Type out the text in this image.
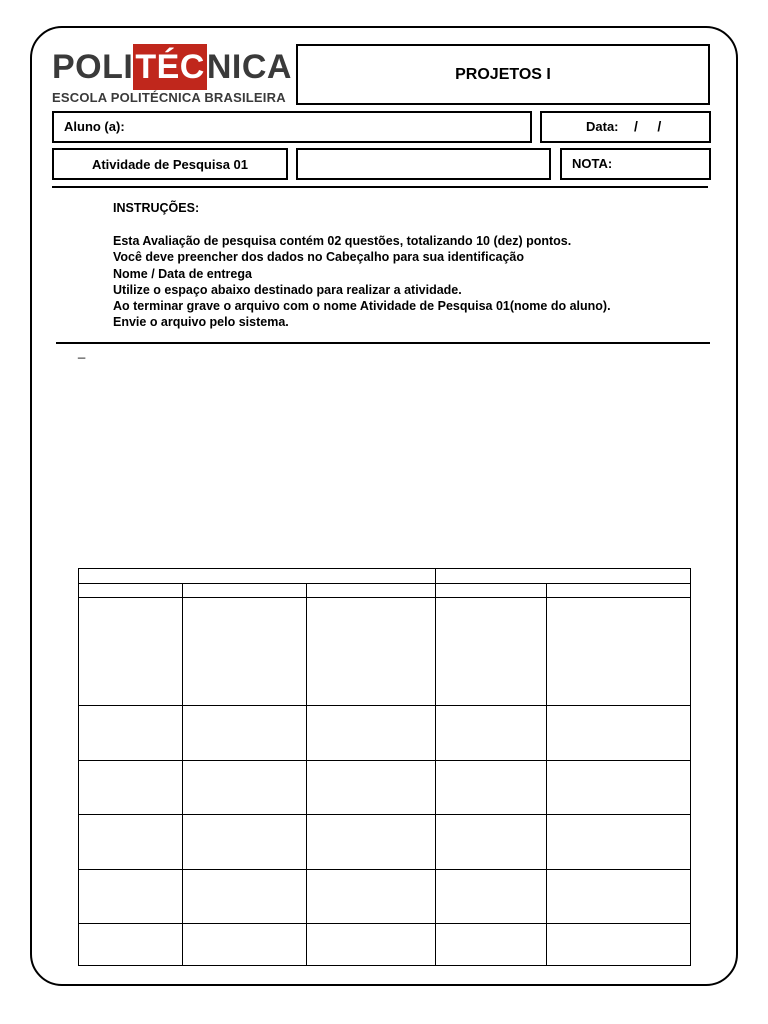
POLITÉCNICA
ESCOLA POLITÉCNICA BRASILEIRA
PROJETOS I
Aluno (a):	Data: /     /
Atividade de Pesquisa 01	NOTA:
INSTRUÇÕES:
Esta Avaliação de pesquisa contém 02 questões, totalizando 10 (dez) pontos.
Você deve preencher dos dados no Cabeçalho para sua identificação
Nome / Data de entrega
Utilize o espaço abaixo destinado para realizar a atividade.
Ao terminar grave o arquivo com o nome Atividade de Pesquisa 01(nome do aluno).
Envie o arquivo pelo sistema.
_
